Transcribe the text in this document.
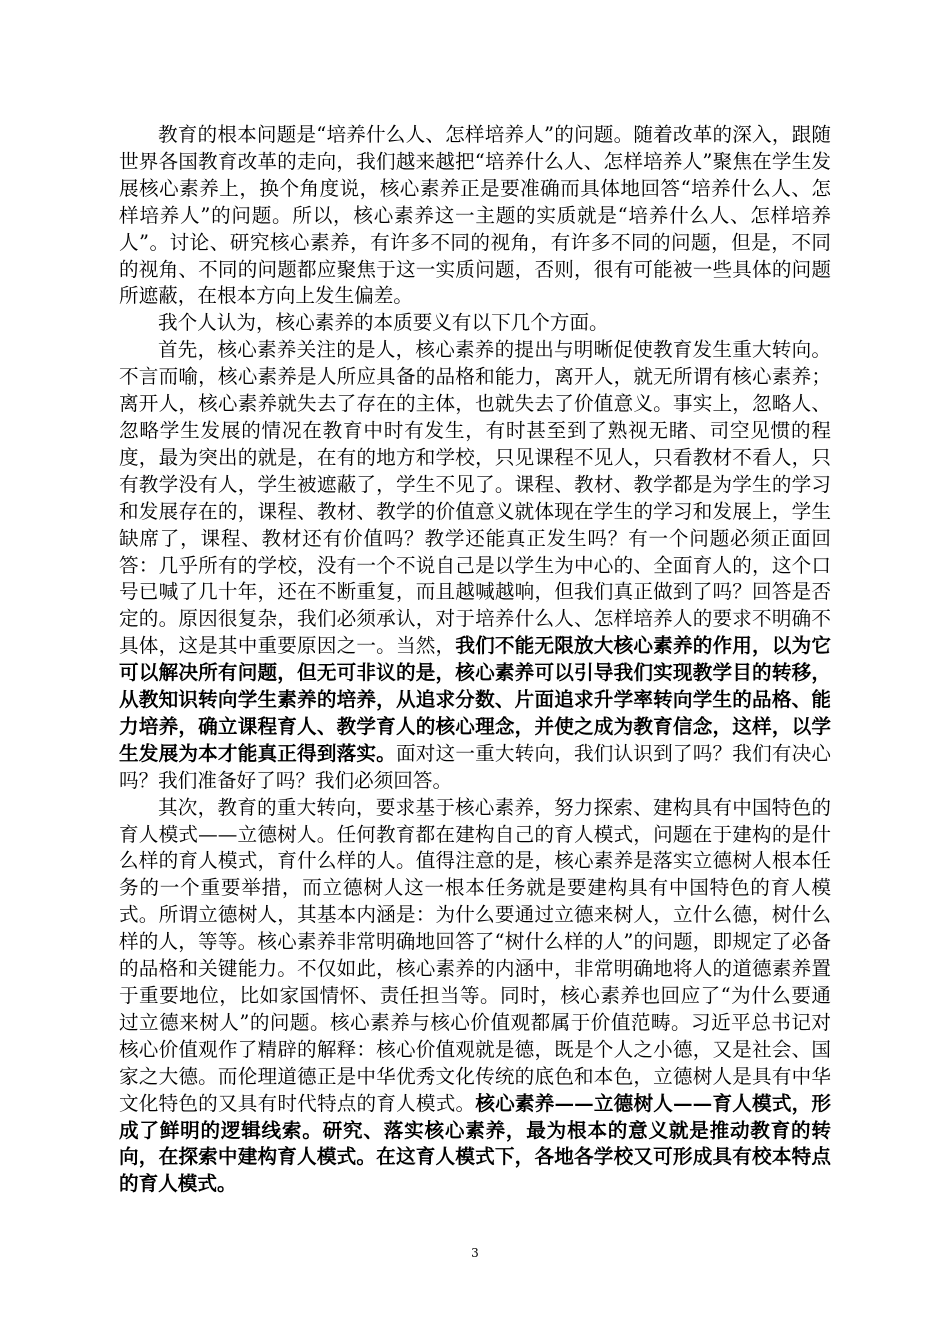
教育的根本问题是“培养什么人、怎样培养人”的问题。随着改革的深入，跟随世界各国教育改革的走向，我们越来越把“培养什么人、怎样培养人”聚焦在学生发展核心素养上，换个角度说，核心素养正是要准确而具体地回答“培养什么人、怎样培养人”的问题。所以，核心素养这一主题的实质就是“培养什么人、怎样培养人”。讨论、研究核心素养，有许多不同的视角，有许多不同的问题，但是，不同的视角、不同的问题都应聚焦于这一实质问题，否则，很有可能被一些具体的问题所遮蔽，在根本方向上发生偏差。

我个人认为，核心素养的本质要义有以下几个方面。

首先，核心素养关注的是人，核心素养的提出与明晰促使教育发生重大转向。不言而喻，核心素养是人所应具备的品格和能力，离开人，就无所谓有核心素养；离开人，核心素养就失去了存在的主体，也就失去了价值意义。事实上，忽略人、忽略学生发展的情况在教育中时有发生，有时甚至到了熟视无睹、司空见惯的程度，最为突出的就是，在有的地方和学校，只见课程不见人，只看教材不看人，只有教学没有人，学生被遮蔽了，学生不见了。课程、教材、教学都是为学生的学习和发展存在的，课程、教材、教学的价值意义就体现在学生的学习和发展上，学生缺席了，课程、教材还有价值吗？教学还能真正发生吗？有一个问题必须正面回答：几乎所有的学校，没有一个不说自己是以学生为中心的、全面育人的，这个口号已喊了几十年，还在不断重复，而且越喊越响，但我们真正做到了吗？回答是否定的。原因很复杂，我们必须承认，对于培养什么人、怎样培养人的要求不明确不具体，这是其中重要原因之一。当然，我们不能无限放大核心素养的作用，以为它可以解决所有问题，但无可非议的是，核心素养可以引导我们实现教学目的转移，从教知识转向学生素养的培养，从追求分数、片面追求升学率转向学生的品格、能力培养，确立课程育人、教学育人的核心理念，并使之成为教育信念，这样，以学生发展为本才能真正得到落实。面对这一重大转向，我们认识到了吗？我们有决心吗？我们准备好了吗？我们必须回答。

其次，教育的重大转向，要求基于核心素养，努力探索、建构具有中国特色的育人模式——立德树人。任何教育都在建构自己的育人模式，问题在于建构的是什么样的育人模式，育什么样的人。值得注意的是，核心素养是落实立德树人根本任务的一个重要举措，而立德树人这一根本任务就是要建构具有中国特色的育人模式。所谓立德树人，其基本内涵是：为什么要通过立德来树人，立什么德，树什么样的人，等等。核心素养非常明确地回答了“树什么样的人”的问题，即规定了必备的品格和关键能力。不仅如此，核心素养的内涵中，非常明确地将人的道德素养置于重要地位，比如家国情怀、责任担当等。同时，核心素养也回应了“为什么要通过立德来树人”的问题。核心素养与核心价值观都属于价值范畴。习近平总书记对核心价值观作了精辟的解释：核心价值观就是德，既是个人之小德，又是社会、国家之大德。而伦理道德正是中华优秀文化传统的底色和本色，立德树人是具有中华文化特色的又具有时代特点的育人模式。核心素养——立德树人——育人模式，形成了鲜明的逻辑线索。研究、落实核心素养，最为根本的意义就是推动教育的转向，在探索中建构育人模式。在这育人模式下，各地各学校又可形成具有校本特点的育人模式。

3
